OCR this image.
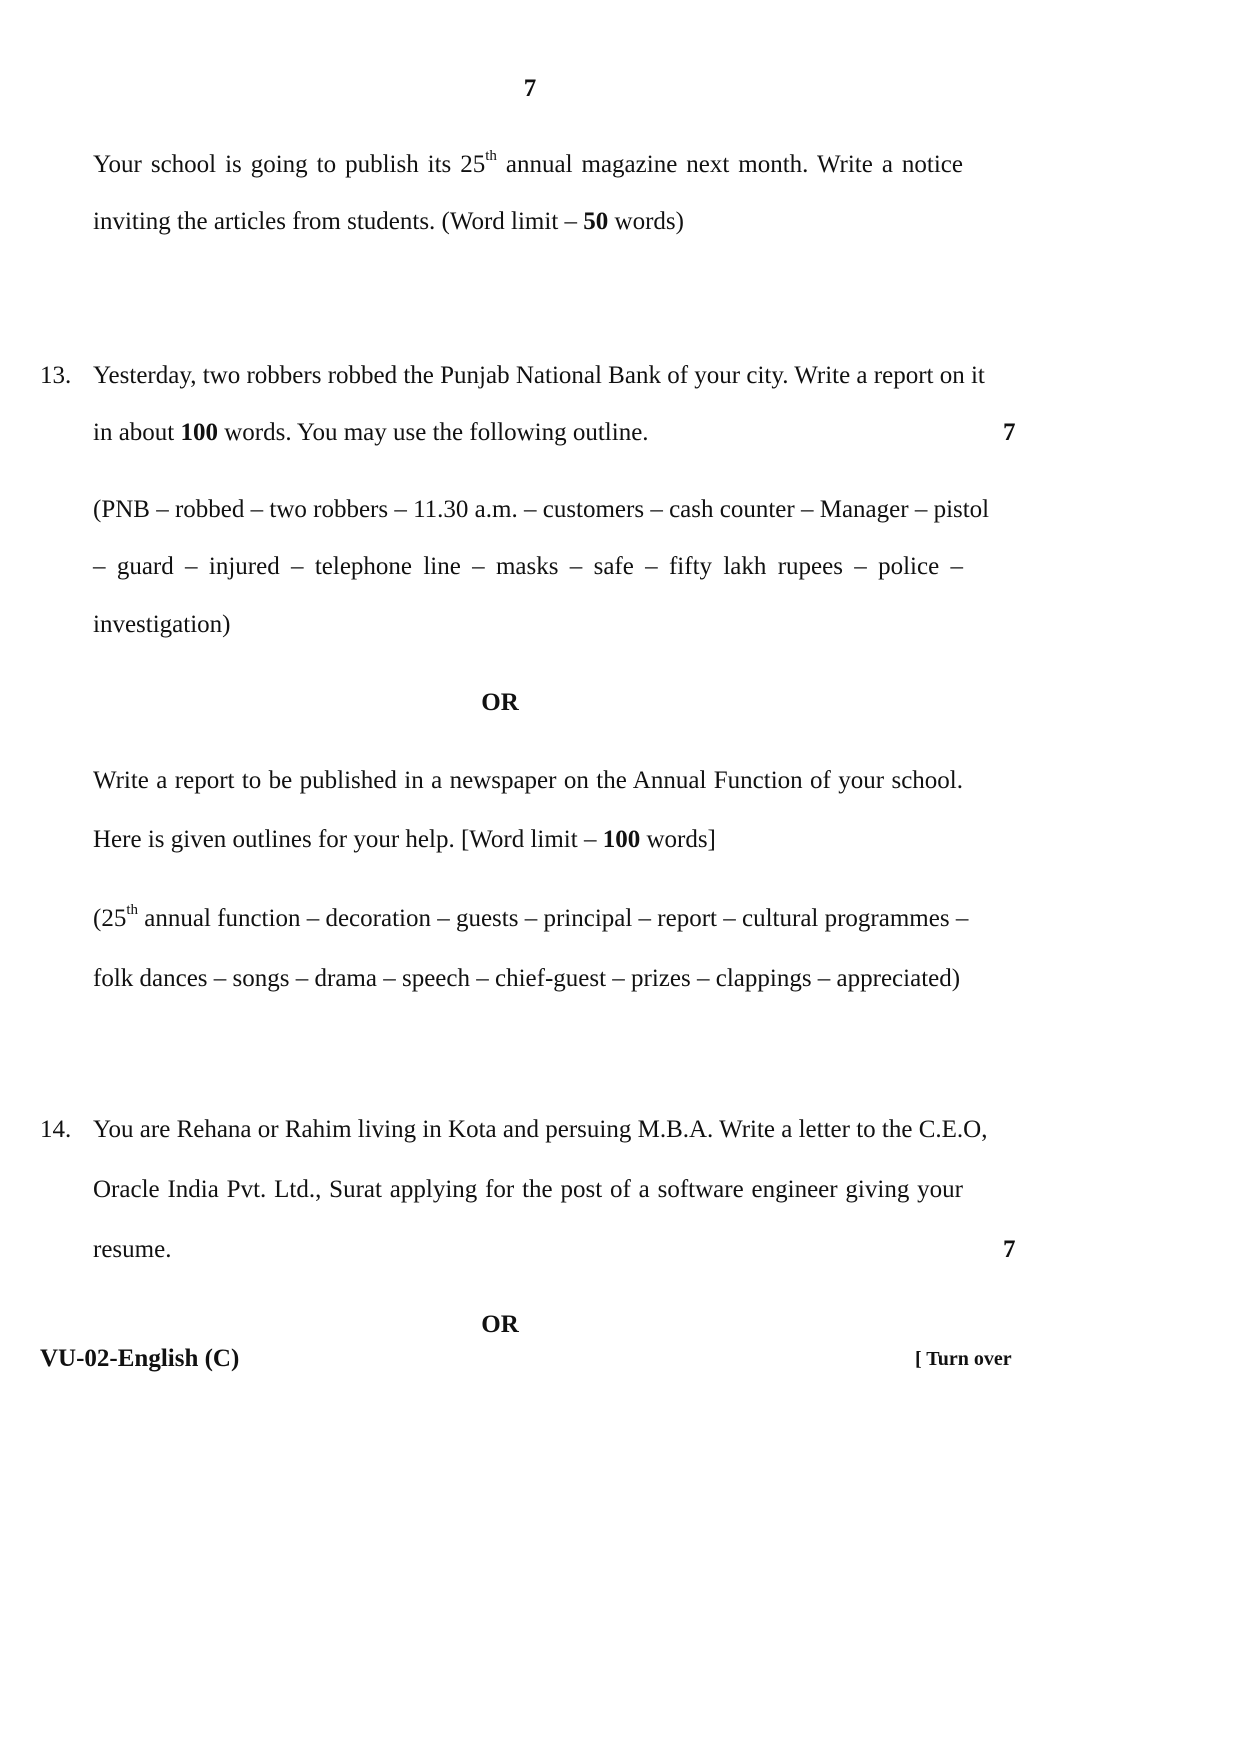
7
Your school is going to publish its 25th annual magazine next month. Write a notice
inviting the articles from students. (Word limit – 50 words)
13. Yesterday, two robbers robbed the Punjab National Bank of your city. Write a report on it
in about 100 words. You may use the following outline.	7
(PNB – robbed – two robbers – 11.30 a.m. – customers – cash counter – Manager – pistol
– guard – injured – telephone line – masks – safe – fifty lakh rupees – police –
investigation)
OR
Write a report to be published in a newspaper on the Annual Function of your school.
Here is given outlines for your help. [Word limit – 100 words]
(25th annual function – decoration – guests – principal – report – cultural programmes –
folk dances – songs – drama – speech – chief-guest – prizes – clappings – appreciated)
14. You are Rehana or Rahim living in Kota and persuing M.B.A. Write a letter to the C.E.O,
Oracle India Pvt. Ltd., Surat applying for the post of a software engineer giving your
resume.	7
OR
VU-02-English (C)	[ Turn over
